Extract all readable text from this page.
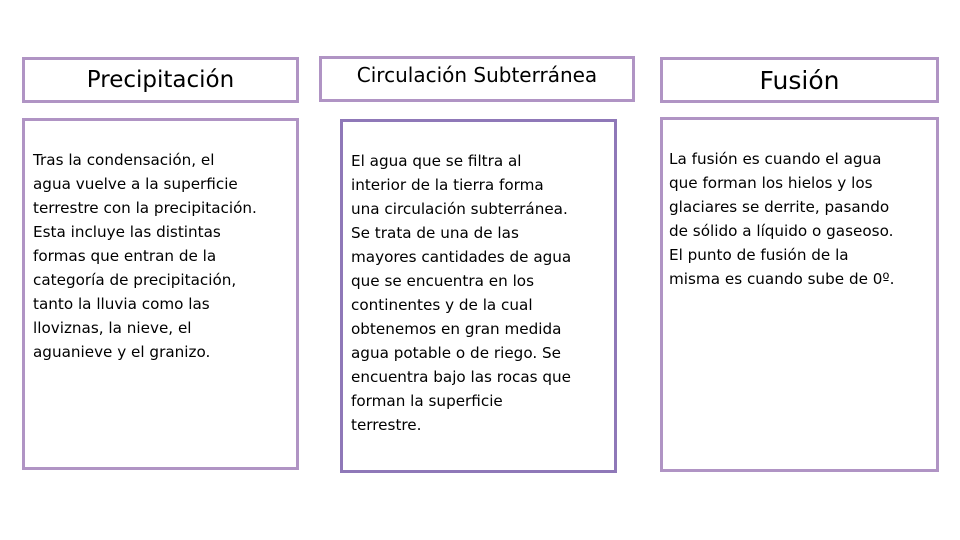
Precipitación

Tras la condensación, el
agua vuelve a la superficie
terrestre con la precipitación.
Esta incluye las distintas
formas que entran de la
categoría de precipitación,
tanto la lluvia como las
lloviznas, la nieve, el
aguanieve y el granizo.

Circulación Subterránea

El agua que se filtra al
interior de la tierra forma
una circulación subterránea.
Se trata de una de las
mayores cantidades de agua
que se encuentra en los
continentes y de la cual
obtenemos en gran medida
agua potable o de riego. Se
encuentra bajo las rocas que
forman la superficie
terrestre.

Fusión

La fusión es cuando el agua
que forman los hielos y los
glaciares se derrite, pasando
de sólido a líquido o gaseoso.
El punto de fusión de la
misma es cuando sube de 0º.
